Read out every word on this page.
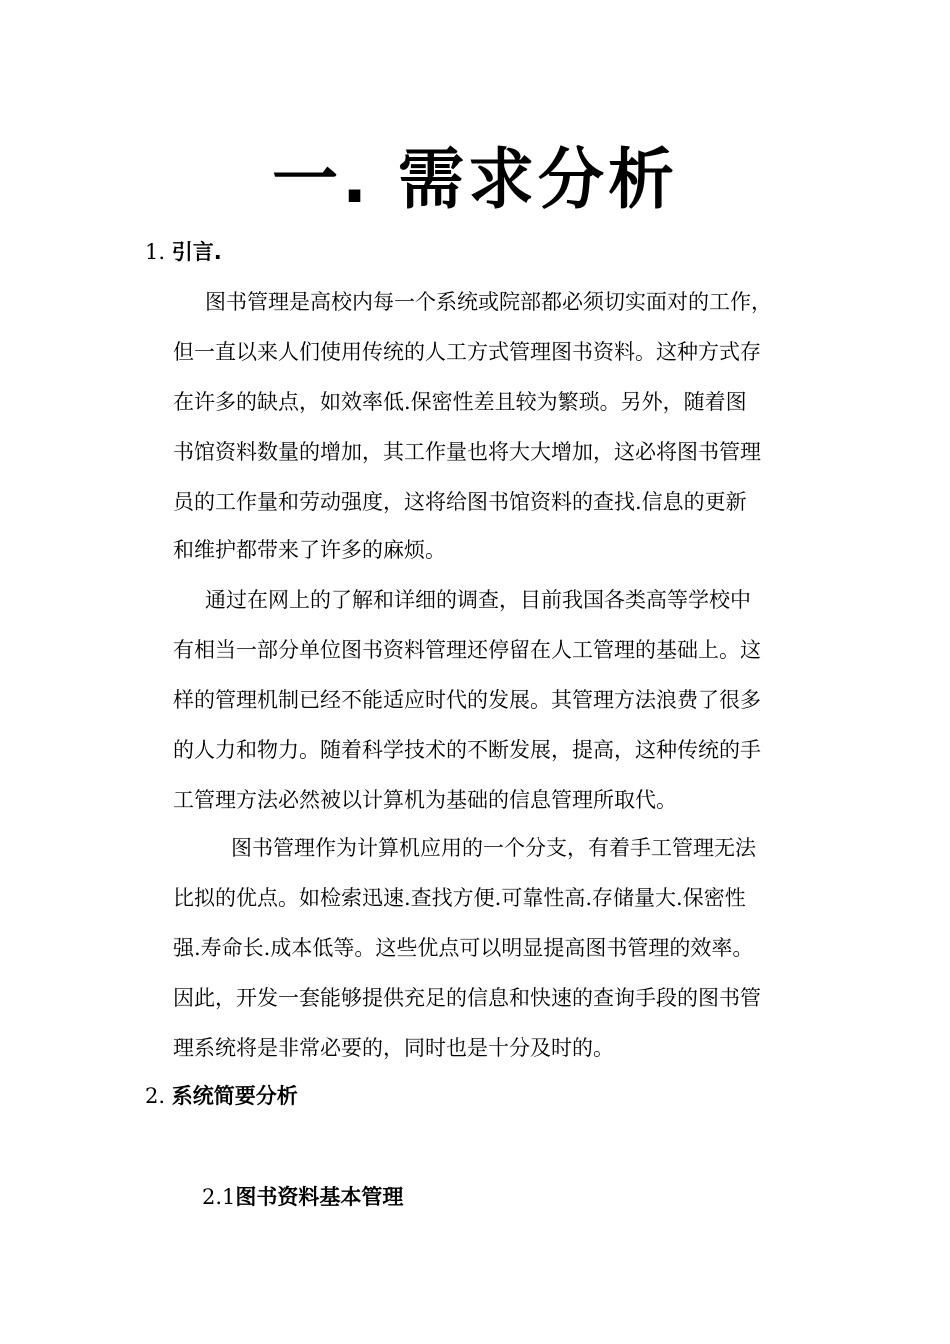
一. 需求分析
1. 引言.
图书管理是高校内每一个系统或院部都必须切实面对的工作，
但一直以来人们使用传统的人工方式管理图书资料。这种方式存
在许多的缺点，如效率低.保密性差且较为繁琐。另外，随着图
书馆资料数量的增加，其工作量也将大大增加，这必将图书管理
员的工作量和劳动强度，这将给图书馆资料的查找.信息的更新
和维护都带来了许多的麻烦。
通过在网上的了解和详细的调查，目前我国各类高等学校中
有相当一部分单位图书资料管理还停留在人工管理的基础上。这
样的管理机制已经不能适应时代的发展。其管理方法浪费了很多
的人力和物力。随着科学技术的不断发展，提高，这种传统的手
工管理方法必然被以计算机为基础的信息管理所取代。
图书管理作为计算机应用的一个分支，有着手工管理无法
比拟的优点。如检索迅速.查找方便.可靠性高.存储量大.保密性
强.寿命长.成本低等。这些优点可以明显提高图书管理的效率。
因此，开发一套能够提供充足的信息和快速的查询手段的图书管
理系统将是非常必要的，同时也是十分及时的。
2. 系统简要分析
2.1图书资料基本管理
